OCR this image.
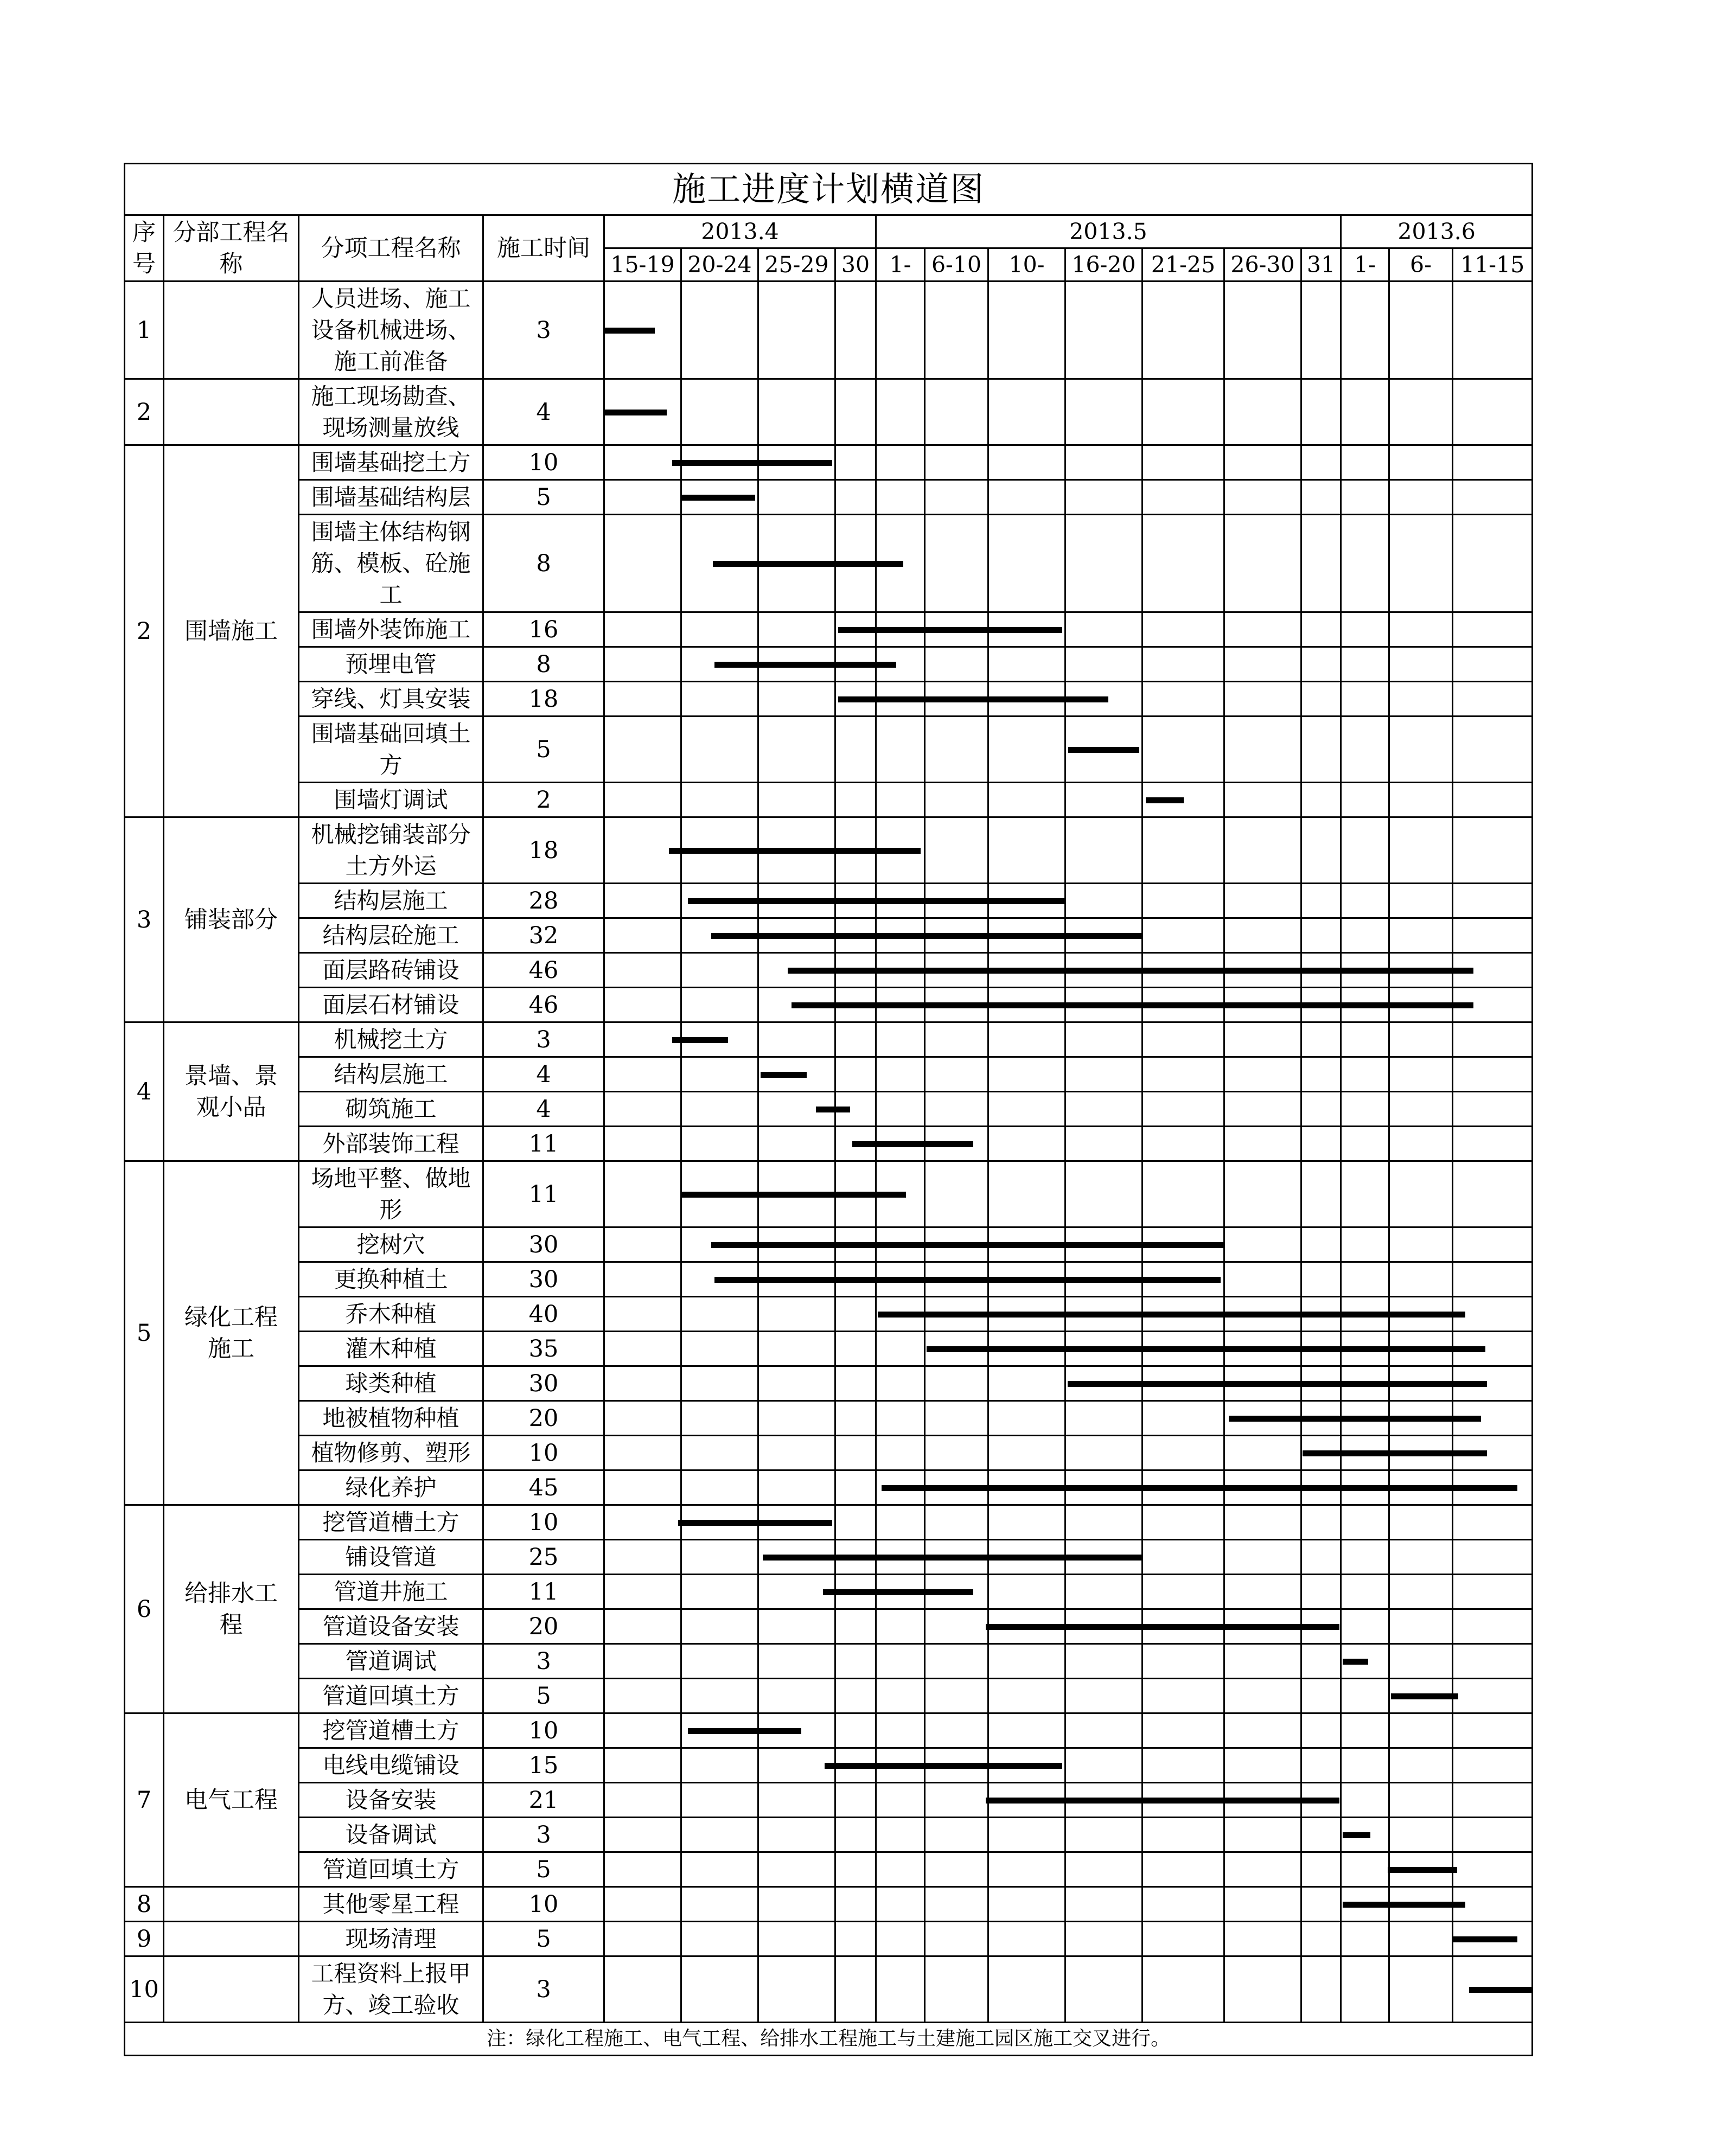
施工进度计划横道图																	
序号	分部工程名称	分项工程名称	施工时间	2013.4				2013.5							2013.6		
				15-19	20-24	25-29	30	1-	6-10	10-	16-20	21-25	26-30	31	1-	6-	11-15
1		人员进场、施工设备机械进场、施工前准备	3	

2		施工现场勘查、现场测量放线	4	

2	围墙施工	围墙基础挖土方	10	

		围墙基础结构层	5	

		围墙主体结构钢筋、模板、砼施工	8	

		围墙外装饰施工	16	

		预埋电管	8	

		穿线、灯具安装	18	

		围墙基础回填土方	5	

		围墙灯调试	2	

3	铺装部分	机械挖铺装部分土方外运	18	

		结构层施工	28	

		结构层砼施工	32	

		面层路砖铺设	46	

		面层石材铺设	46	

4	景墙、景观小品	机械挖土方	3	

		结构层施工	4	

		砌筑施工	4	

		外部装饰工程	11	

5	绿化工程施工	场地平整、做地形	11	

		挖树穴	30	

		更换种植土	30	

		乔木种植	40	

		灌木种植	35	

		球类种植	30	

		地被植物种植	20	

		植物修剪、塑形	10	

		绿化养护	45	

6	给排水工程	挖管道槽土方	10	

		铺设管道	25	

		管道井施工	11	

		管道设备安装	20	

		管道调试	3	

		管道回填土方	5	

7	电气工程	挖管道槽土方	10	

		电线电缆铺设	15	

		设备安装	21	

		设备调试	3	

		管道回填土方	5	

8		其他零星工程	10	

9		现场清理	5	

10		工程资料上报甲方、竣工验收	3	

注：绿化工程施工、电气工程、给排水工程施工与土建施工园区施工交叉进行。																	
